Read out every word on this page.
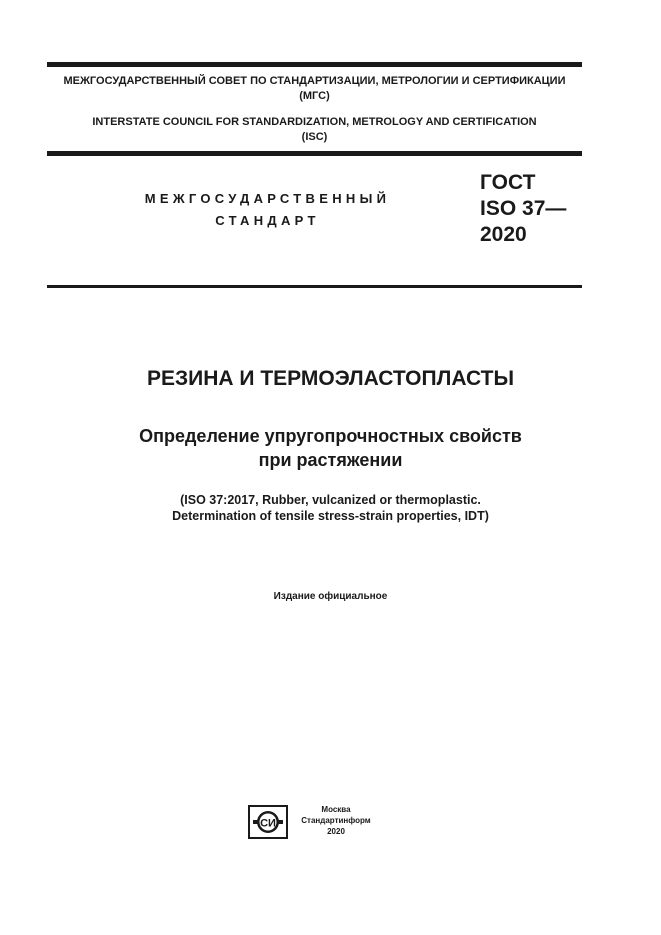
МЕЖГОСУДАРСТВЕННЫЙ СОВЕТ ПО СТАНДАРТИЗАЦИИ, МЕТРОЛОГИИ И СЕРТИФИКАЦИИ
(МГС)
INTERSTATE COUNCIL FOR STANDARDIZATION, METROLOGY AND CERTIFICATION
(ISC)
МЕЖГОСУДАРСТВЕННЫЙ
СТАНДАРТ
ГОСТ
ISO 37—
2020
РЕЗИНА И ТЕРМОЭЛАСТОПЛАСТЫ
Определение упругопрочностных свойств
при растяжении
(ISO 37:2017, Rubber, vulcanized or thermoplastic.
Determination of tensile stress-strain properties, IDT)
Издание официальное
СИ
Москва
Стандартинформ
2020
